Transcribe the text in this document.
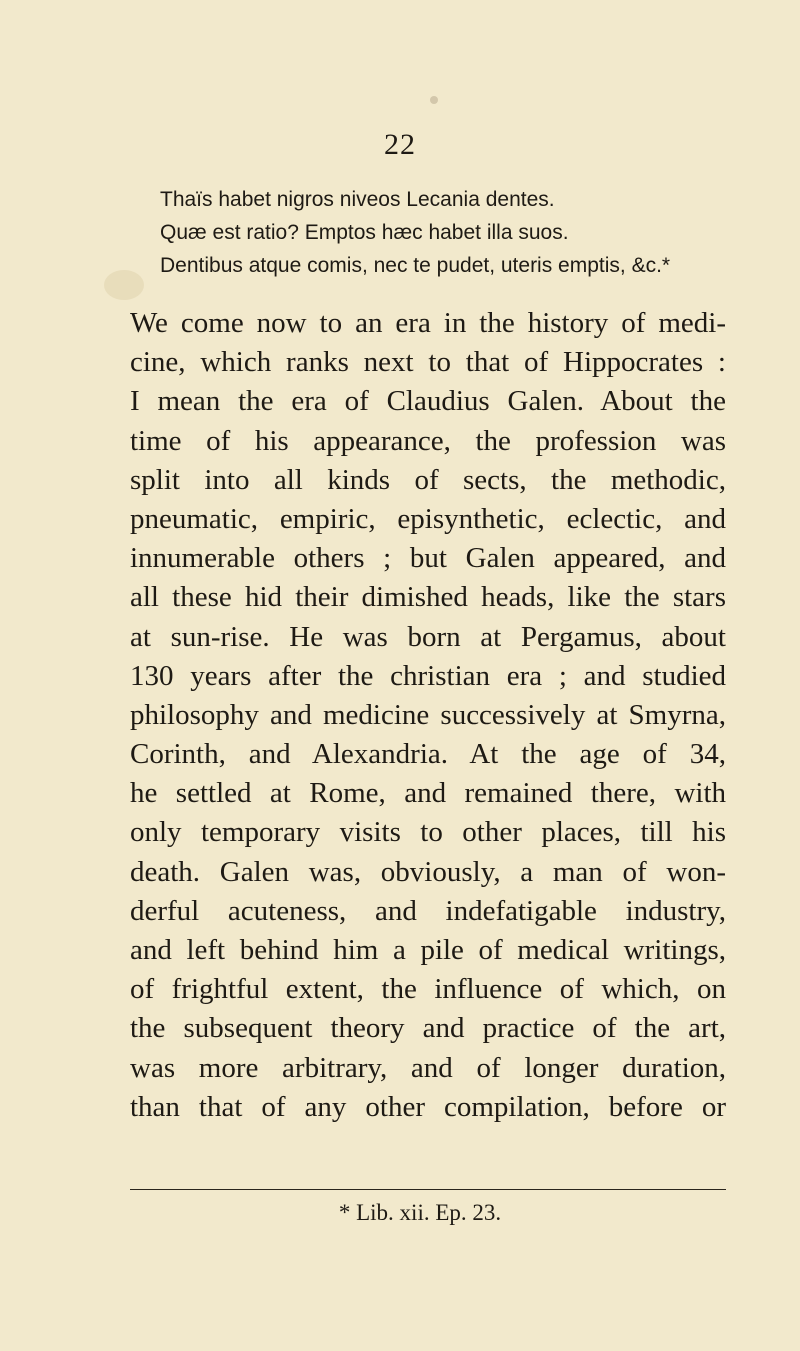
22
Thaïs habet nigros niveos Lecania dentes.
Quæ est ratio? Emptos hæc habet illa suos.
Dentibus atque comis, nec te pudet, uteris emptis, &c.*
We come now to an era in the history of medi-
cine, which ranks next to that of Hippocrates :
I mean the era of Claudius Galen. About the
time of his appearance, the profession was
split into all kinds of sects, the methodic,
pneumatic, empiric, episynthetic, eclectic, and
innumerable others ; but Galen appeared, and
all these hid their dimished heads, like the stars
at sun-rise. He was born at Pergamus, about
130 years after the christian era ; and studied
philosophy and medicine successively at Smyrna,
Corinth, and Alexandria. At the age of 34,
he settled at Rome, and remained there, with
only temporary visits to other places, till his
death. Galen was, obviously, a man of won-
derful acuteness, and indefatigable industry,
and left behind him a pile of medical writings,
of frightful extent, the influence of which, on
the subsequent theory and practice of the art,
was more arbitrary, and of longer duration,
than that of any other compilation, before or
* Lib. xii. Ep. 23.
